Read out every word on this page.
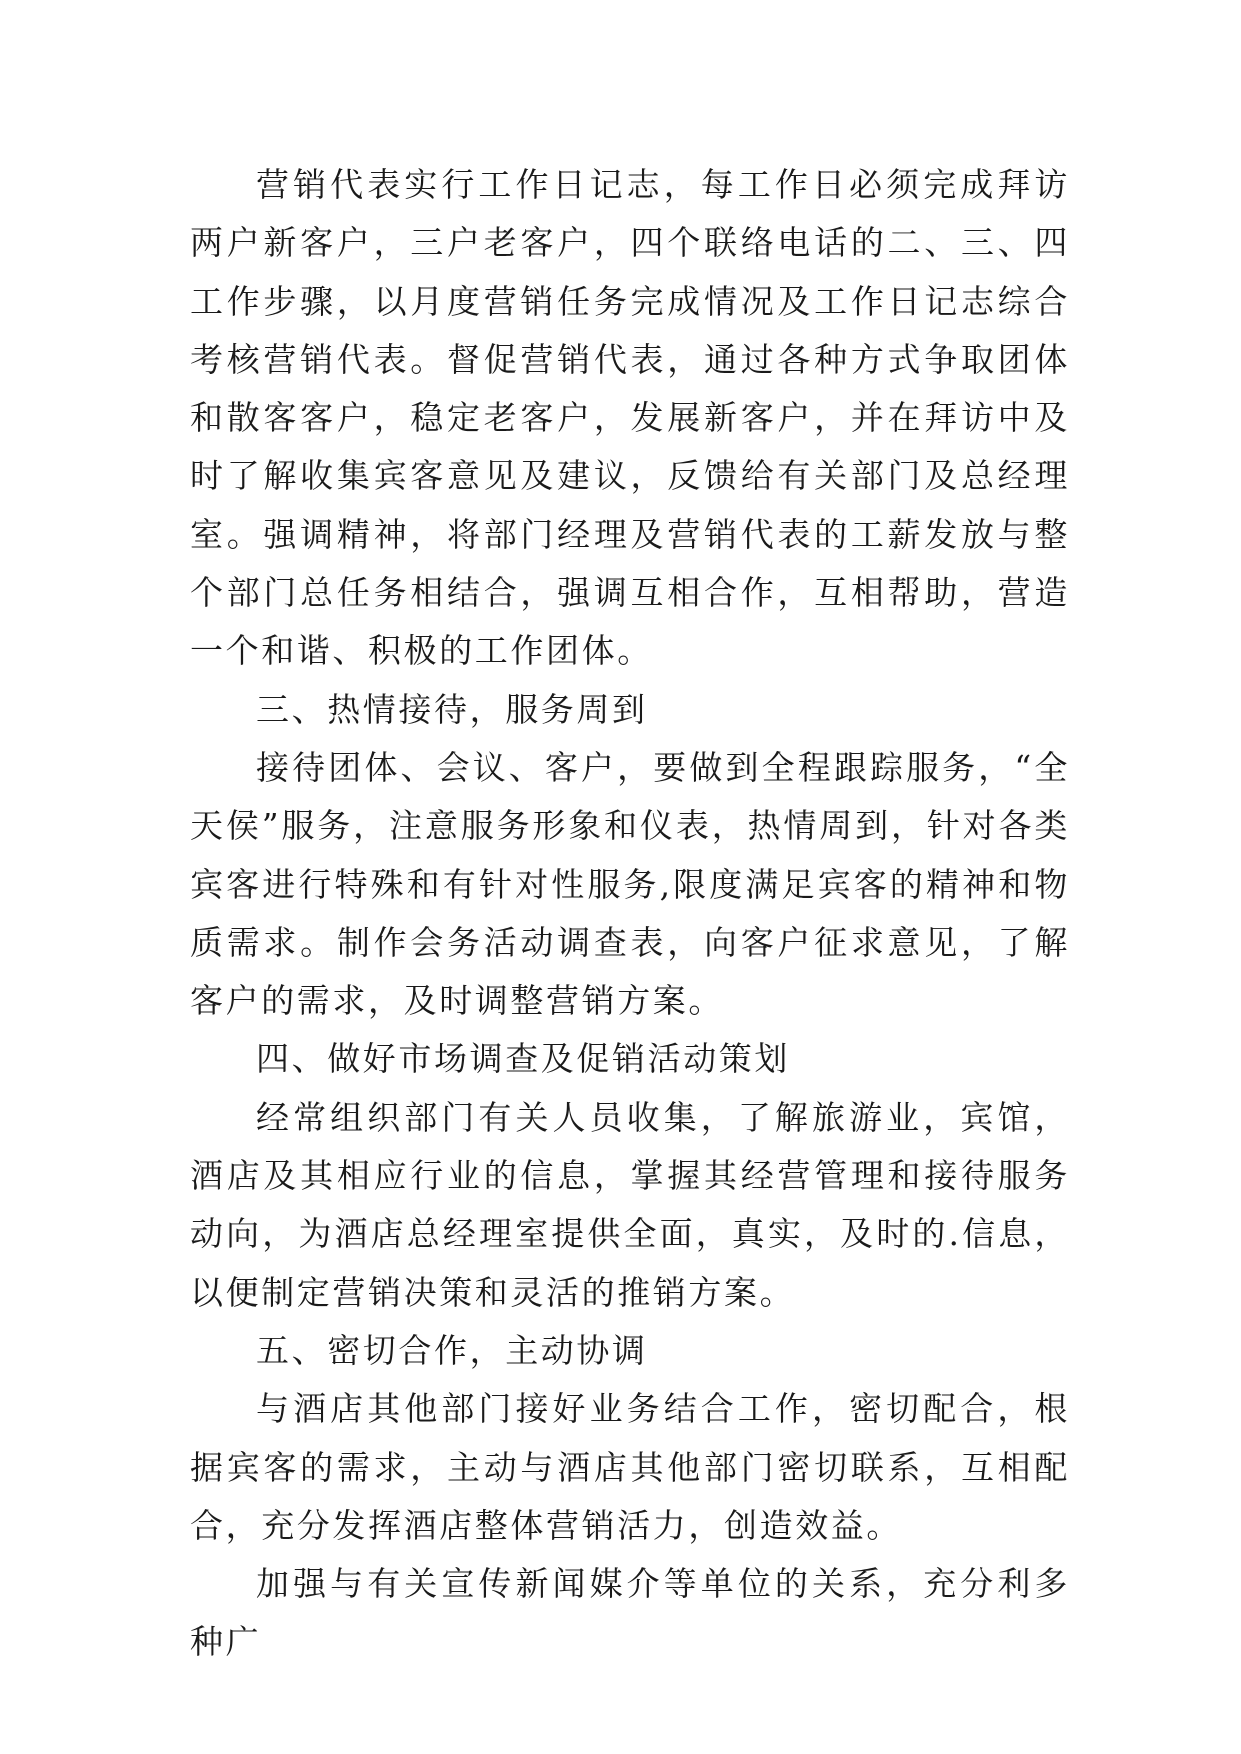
营销代表实行工作日记志，每工作日必须完成拜访两户新客户，三户老客户，四个联络电话的二、三、四工作步骤，以月度营销任务完成情况及工作日记志综合考核营销代表。督促营销代表，通过各种方式争取团体和散客客户，稳定老客户，发展新客户，并在拜访中及时了解收集宾客意见及建议，反馈给有关部门及总经理室。强调精神，将部门经理及营销代表的工薪发放与整个部门总任务相结合，强调互相合作，互相帮助，营造一个和谐、积极的工作团体。

三、热情接待，服务周到

接待团体、会议、客户，要做到全程跟踪服务，“全天侯”服务，注意服务形象和仪表，热情周到，针对各类宾客进行特殊和有针对性服务,限度满足宾客的精神和物质需求。制作会务活动调查表，向客户征求意见，了解客户的需求，及时调整营销方案。

四、做好市场调查及促销活动策划

经常组织部门有关人员收集，了解旅游业，宾馆，酒店及其相应行业的信息，掌握其经营管理和接待服务动向，为酒店总经理室提供全面，真实，及时的.信息，以便制定营销决策和灵活的推销方案。

五、密切合作，主动协调

与酒店其他部门接好业务结合工作，密切配合，根据宾客的需求，主动与酒店其他部门密切联系，互相配合，充分发挥酒店整体营销活力，创造效益。

加强与有关宣传新闻媒介等单位的关系，充分利多种广
